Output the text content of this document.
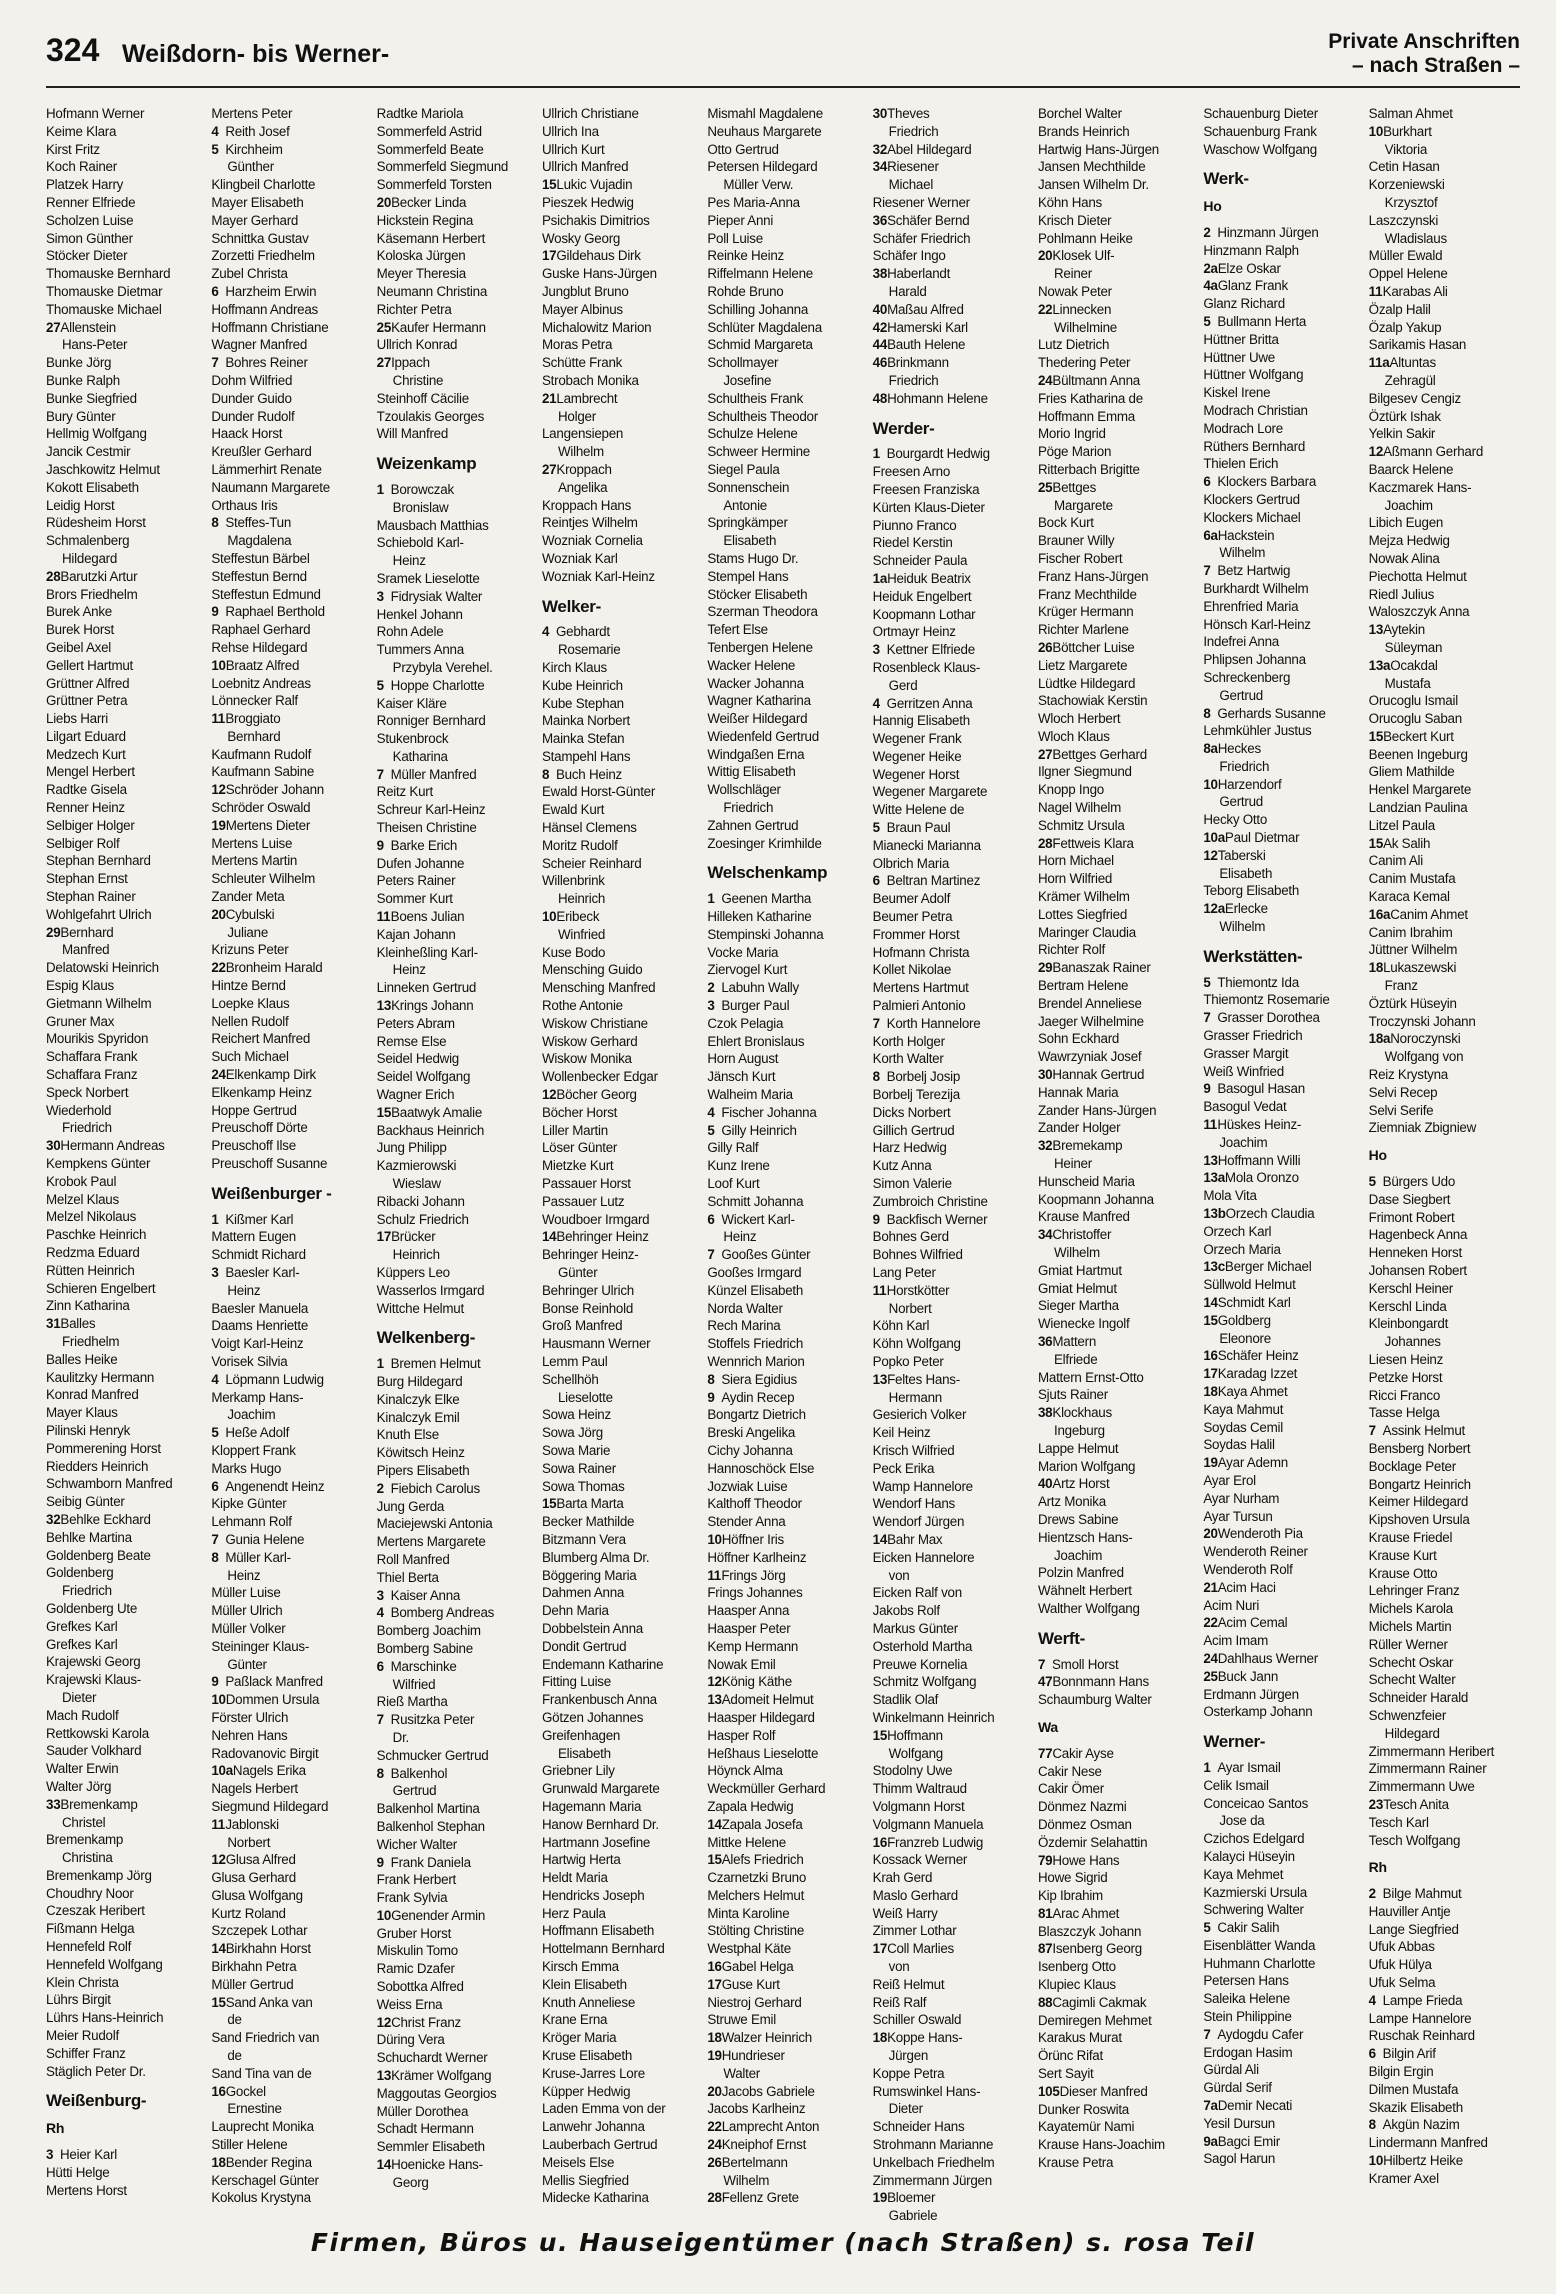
324 Weißdorn- bis Werner-	Private Anschriften
– nach Straßen –
Hofmann Werner
Keime Klara
Kirst Fritz
Koch Rainer
Platzek Harry
Renner Elfriede
Scholzen Luise
Simon Günther
Stöcker Dieter
Thomauske Bernhard
Thomauske Dietmar
Thomauske Michael
27Allenstein
Hans-Peter
Bunke Jörg
Bunke Ralph
Bunke Siegfried
Bury Günter
Hellmig Wolfgang
Jancik Cestmir
Jaschkowitz Helmut
Kokott Elisabeth
Leidig Horst
Rüdesheim Horst
Schmalenberg
Hildegard
28Barutzki Artur
Brors Friedhelm
Burek Anke
Burek Horst
Geibel Axel
Gellert Hartmut
Grüttner Alfred
Grüttner Petra
Liebs Harri
Lilgart Eduard
Medzech Kurt
Mengel Herbert
Radtke Gisela
Renner Heinz
Selbiger Holger
Selbiger Rolf
Stephan Bernhard
Stephan Ernst
Stephan Rainer
Wohlgefahrt Ulrich
29Bernhard
Manfred
Delatowski Heinrich
Espig Klaus
Gietmann Wilhelm
Gruner Max
Mourikis Spyridon
Schaffara Frank
Schaffara Franz
Speck Norbert
Wiederhold
Friedrich
30Hermann Andreas
Kempkens Günter
Krobok Paul
Melzel Klaus
Melzel Nikolaus
Paschke Heinrich
Redzma Eduard
Rütten Heinrich
Schieren Engelbert
Zinn Katharina
31Balles
Friedhelm
Balles Heike
Kaulitzky Hermann
Konrad Manfred
Mayer Klaus
Pilinski Henryk
Pommerening Horst
Riedders Heinrich
Schwamborn Manfred
Seibig Günter
32Behlke Eckhard
Behlke Martina
Goldenberg Beate
Goldenberg
Friedrich
Goldenberg Ute
Grefkes Karl
Grefkes Karl
Krajewski Georg
Krajewski Klaus-
Dieter
Mach Rudolf
Rettkowski Karola
Sauder Volkhard
Walter Erwin
Walter Jörg
33Bremenkamp
Christel
Bremenkamp
Christina
Bremenkamp Jörg
Choudhry Noor
Czeszak Heribert
Fißmann Helga
Hennefeld Rolf
Hennefeld Wolfgang
Klein Christa
Lührs Birgit
Lührs Hans-Heinrich
Meier Rudolf
Schiffer Franz
Stäglich Peter Dr.
Weißenburg-
Rh
3Heier Karl
Hütti Helge
Mertens Horst
Mertens Peter
4Reith Josef
5Kirchheim
Günther
Klingbeil Charlotte
Mayer Elisabeth
Mayer Gerhard
Schnittka Gustav
Zorzetti Friedhelm
Zubel Christa
6Harzheim Erwin
Hoffmann Andreas
Hoffmann Christiane
Wagner Manfred
7Bohres Reiner
Dohm Wilfried
Dunder Guido
Dunder Rudolf
Haack Horst
Kreußler Gerhard
Lämmerhirt Renate
Naumann Margarete
Orthaus Iris
8Steffes-Tun
Magdalena
Steffestun Bärbel
Steffestun Bernd
Steffestun Edmund
9Raphael Berthold
Raphael Gerhard
Rehse Hildegard
10Braatz Alfred
Loebnitz Andreas
Lönnecker Ralf
11Broggiato
Bernhard
Kaufmann Rudolf
Kaufmann Sabine
12Schröder Johann
Schröder Oswald
19Mertens Dieter
Mertens Luise
Mertens Martin
Schleuter Wilhelm
Zander Meta
20Cybulski
Juliane
Krizuns Peter
22Bronheim Harald
Hintze Bernd
Loepke Klaus
Nellen Rudolf
Reichert Manfred
Such Michael
24Elkenkamp Dirk
Elkenkamp Heinz
Hoppe Gertrud
Preuschoff Dörte
Preuschoff Ilse
Preuschoff Susanne
Weißenburger -
1Kißmer Karl
Mattern Eugen
Schmidt Richard
3Baesler Karl-
Heinz
Baesler Manuela
Daams Henriette
Voigt Karl-Heinz
Vorisek Silvia
4Löpmann Ludwig
Merkamp Hans-
Joachim
5Heße Adolf
Kloppert Frank
Marks Hugo
6Angenendt Heinz
Kipke Günter
Lehmann Rolf
7Gunia Helene
8Müller Karl-
Heinz
Müller Luise
Müller Ulrich
Müller Volker
Steininger Klaus-
Günter
9Paßlack Manfred
10Dommen Ursula
Förster Ulrich
Nehren Hans
Radovanovic Birgit
10aNagels Erika
Nagels Herbert
Siegmund Hildegard
11Jablonski
Norbert
12Glusa Alfred
Glusa Gerhard
Glusa Wolfgang
Kurtz Roland
Szczepek Lothar
14Birkhahn Horst
Birkhahn Petra
Müller Gertrud
15Sand Anka van
de
Sand Friedrich van
de
Sand Tina van de
16Gockel
Ernestine
Lauprecht Monika
Stiller Helene
18Bender Regina
Kerschagel Günter
Kokolus Krystyna
Radtke Mariola
Sommerfeld Astrid
Sommerfeld Beate
Sommerfeld Siegmund
Sommerfeld Torsten
20Becker Linda
Hickstein Regina
Käsemann Herbert
Koloska Jürgen
Meyer Theresia
Neumann Christina
Richter Petra
25Kaufer Hermann
Ullrich Konrad
27Ippach
Christine
Steinhoff Cäcilie
Tzoulakis Georges
Will Manfred
Weizenkamp
1Borowczak
Bronislaw
Mausbach Matthias
Schiebold Karl-
Heinz
Sramek Lieselotte
3Fidrysiak Walter
Henkel Johann
Rohn Adele
Tummers Anna
Przybyla Verehel.
5Hoppe Charlotte
Kaiser Kläre
Ronniger Bernhard
Stukenbrock
Katharina
7Müller Manfred
Reitz Kurt
Schreur Karl-Heinz
Theisen Christine
9Barke Erich
Dufen Johanne
Peters Rainer
Sommer Kurt
11Boens Julian
Kajan Johann
Kleinheßling Karl-
Heinz
Linneken Gertrud
13Krings Johann
Peters Abram
Remse Else
Seidel Hedwig
Seidel Wolfgang
Wagner Erich
15Baatwyk Amalie
Backhaus Heinrich
Jung Philipp
Kazmierowski
Wieslaw
Ribacki Johann
Schulz Friedrich
17Brücker
Heinrich
Küppers Leo
Wasserlos Irmgard
Wittche Helmut
Welkenberg-
1Bremen Helmut
Burg Hildegard
Kinalczyk Elke
Kinalczyk Emil
Knuth Else
Köwitsch Heinz
Pipers Elisabeth
2Fiebich Carolus
Jung Gerda
Maciejewski Antonia
Mertens Margarete
Roll Manfred
Thiel Berta
3Kaiser Anna
4Bomberg Andreas
Bomberg Joachim
Bomberg Sabine
6Marschinke
Wilfried
Rieß Martha
7Rusitzka Peter
Dr.
Schmucker Gertrud
8Balkenhol
Gertrud
Balkenhol Martina
Balkenhol Stephan
Wicher Walter
9Frank Daniela
Frank Herbert
Frank Sylvia
10Genender Armin
Gruber Horst
Miskulin Tomo
Ramic Dzafer
Sobottka Alfred
Weiss Erna
12Christ Franz
Düring Vera
Schuchardt Werner
13Krämer Wolfgang
Maggoutas Georgios
Müller Dorothea
Schadt Hermann
Semmler Elisabeth
14Hoenicke Hans-
Georg
Ullrich Christiane
Ullrich Ina
Ullrich Kurt
Ullrich Manfred
15Lukic Vujadin
Pieszek Hedwig
Psichakis Dimitrios
Wosky Georg
17Gildehaus Dirk
Guske Hans-Jürgen
Jungblut Bruno
Mayer Albinus
Michalowitz Marion
Moras Petra
Schütte Frank
Strobach Monika
21Lambrecht
Holger
Langensiepen
Wilhelm
27Kroppach
Angelika
Kroppach Hans
Reintjes Wilhelm
Wozniak Cornelia
Wozniak Karl
Wozniak Karl-Heinz
Welker-
4Gebhardt
Rosemarie
Kirch Klaus
Kube Heinrich
Kube Stephan
Mainka Norbert
Mainka Stefan
Stampehl Hans
8Buch Heinz
Ewald Horst-Günter
Ewald Kurt
Hänsel Clemens
Moritz Rudolf
Scheier Reinhard
Willenbrink
Heinrich
10Eribeck
Winfried
Kuse Bodo
Mensching Guido
Mensching Manfred
Rothe Antonie
Wiskow Christiane
Wiskow Gerhard
Wiskow Monika
Wollenbecker Edgar
12Böcher Georg
Böcher Horst
Liller Martin
Löser Günter
Mietzke Kurt
Passauer Horst
Passauer Lutz
Woudboer Irmgard
14Behringer Heinz
Behringer Heinz-
Günter
Behringer Ulrich
Bonse Reinhold
Groß Manfred
Hausmann Werner
Lemm Paul
Schellhöh
Lieselotte
Sowa Heinz
Sowa Jörg
Sowa Marie
Sowa Rainer
Sowa Thomas
15Barta Marta
Becker Mathilde
Bitzmann Vera
Blumberg Alma Dr.
Böggering Maria
Dahmen Anna
Dehn Maria
Dobbelstein Anna
Dondit Gertrud
Endemann Katharine
Fitting Luise
Frankenbusch Anna
Götzen Johannes
Greifenhagen
Elisabeth
Griebner Lily
Grunwald Margarete
Hagemann Maria
Hanow Bernhard Dr.
Hartmann Josefine
Hartwig Herta
Heldt Maria
Hendricks Joseph
Herz Paula
Hoffmann Elisabeth
Hottelmann Bernhard
Kirsch Emma
Klein Elisabeth
Knuth Anneliese
Krane Erna
Kröger Maria
Kruse Elisabeth
Kruse-Jarres Lore
Küpper Hedwig
Laden Emma von der
Lanwehr Johanna
Lauberbach Gertrud
Meisels Else
Mellis Siegfried
Midecke Katharina
Mismahl Magdalene
Neuhaus Margarete
Otto Gertrud
Petersen Hildegard
Müller Verw.
Pes Maria-Anna
Pieper Anni
Poll Luise
Reinke Heinz
Riffelmann Helene
Rohde Bruno
Schilling Johanna
Schlüter Magdalena
Schmid Margareta
Schollmayer
Josefine
Schultheis Frank
Schultheis Theodor
Schulze Helene
Schweer Hermine
Siegel Paula
Sonnenschein
Antonie
Springkämper
Elisabeth
Stams Hugo Dr.
Stempel Hans
Stöcker Elisabeth
Szerman Theodora
Tefert Else
Tenbergen Helene
Wacker Helene
Wacker Johanna
Wagner Katharina
Weißer Hildegard
Wiedenfeld Gertrud
Windgaßen Erna
Wittig Elisabeth
Wollschläger
Friedrich
Zahnen Gertrud
Zoesinger Krimhilde
Welschenkamp
1Geenen Martha
Hilleken Katharine
Stempinski Johanna
Vocke Maria
Ziervogel Kurt
2Labuhn Wally
3Burger Paul
Czok Pelagia
Ehlert Bronislaus
Horn August
Jänsch Kurt
Walheim Maria
4Fischer Johanna
5Gilly Heinrich
Gilly Ralf
Kunz Irene
Loof Kurt
Schmitt Johanna
6Wickert Karl-
Heinz
7Gooßes Günter
Gooßes Irmgard
Künzel Elisabeth
Norda Walter
Rech Marina
Stoffels Friedrich
Wennrich Marion
8Siera Egidius
9Aydin Recep
Bongartz Dietrich
Breski Angelika
Cichy Johanna
Hannoschöck Else
Jozwiak Luise
Kalthoff Theodor
Stender Anna
10Höffner Iris
Höffner Karlheinz
11Frings Jörg
Frings Johannes
Haasper Anna
Haasper Peter
Kemp Hermann
Nowak Emil
12König Käthe
13Adomeit Helmut
Haasper Hildegard
Hasper Rolf
Heßhaus Lieselotte
Höynck Alma
Weckmüller Gerhard
Zapala Hedwig
14Zapala Josefa
Mittke Helene
15Alefs Friedrich
Czarnetzki Bruno
Melchers Helmut
Minta Karoline
Stölting Christine
Westphal Käte
16Gabel Helga
17Guse Kurt
Niestroj Gerhard
Struwe Emil
18Walzer Heinrich
19Hundrieser
Walter
20Jacobs Gabriele
Jacobs Karlheinz
22Lamprecht Anton
24Kneiphof Ernst
26Bertelmann
Wilhelm
28Fellenz Grete
30Theves
Friedrich
32Abel Hildegard
34Riesener
Michael
Riesener Werner
36Schäfer Bernd
Schäfer Friedrich
Schäfer Ingo
38Haberlandt
Harald
40Maßau Alfred
42Hamerski Karl
44Bauth Helene
46Brinkmann
Friedrich
48Hohmann Helene
Werder-
1Bourgardt Hedwig
Freesen Arno
Freesen Franziska
Kürten Klaus-Dieter
Piunno Franco
Riedel Kerstin
Schneider Paula
1aHeiduk Beatrix
Heiduk Engelbert
Koopmann Lothar
Ortmayr Heinz
3Kettner Elfriede
Rosenbleck Klaus-
Gerd
4Gerritzen Anna
Hannig Elisabeth
Wegener Frank
Wegener Heike
Wegener Horst
Wegener Margarete
Witte Helene de
5Braun Paul
Mianecki Marianna
Olbrich Maria
6Beltran Martinez
Beumer Adolf
Beumer Petra
Frommer Horst
Hofmann Christa
Kollet Nikolae
Mertens Hartmut
Palmieri Antonio
7Korth Hannelore
Korth Holger
Korth Walter
8Borbelj Josip
Borbelj Terezija
Dicks Norbert
Gillich Gertrud
Harz Hedwig
Kutz Anna
Simon Valerie
Zumbroich Christine
9Backfisch Werner
Bohnes Gerd
Bohnes Wilfried
Lang Peter
11Horstkötter
Norbert
Köhn Karl
Köhn Wolfgang
Popko Peter
13Feltes Hans-
Hermann
Gesierich Volker
Keil Heinz
Krisch Wilfried
Peck Erika
Wamp Hannelore
Wendorf Hans
Wendorf Jürgen
14Bahr Max
Eicken Hannelore
von
Eicken Ralf von
Jakobs Rolf
Markus Günter
Osterhold Martha
Preuwe Kornelia
Schmitz Wolfgang
Stadlik Olaf
Winkelmann Heinrich
15Hoffmann
Wolfgang
Stodolny Uwe
Thimm Waltraud
Volgmann Horst
Volgmann Manuela
16Franzreb Ludwig
Kossack Werner
Krah Gerd
Maslo Gerhard
Weiß Harry
Zimmer Lothar
17Coll Marlies
von
Reiß Helmut
Reiß Ralf
Schiller Oswald
18Koppe Hans-
Jürgen
Koppe Petra
Rumswinkel Hans-
Dieter
Schneider Hans
Strohmann Marianne
Unkelbach Friedhelm
Zimmermann Jürgen
19Bloemer
Gabriele
Borchel Walter
Brands Heinrich
Hartwig Hans-Jürgen
Jansen Mechthilde
Jansen Wilhelm Dr.
Köhn Hans
Krisch Dieter
Pohlmann Heike
20Klosek Ulf-
Reiner
Nowak Peter
22Linnecken
Wilhelmine
Lutz Dietrich
Thedering Peter
24Bültmann Anna
Fries Katharina de
Hoffmann Emma
Morio Ingrid
Pöge Marion
Ritterbach Brigitte
25Bettges
Margarete
Bock Kurt
Brauner Willy
Fischer Robert
Franz Hans-Jürgen
Franz Mechthilde
Krüger Hermann
Richter Marlene
26Böttcher Luise
Lietz Margarete
Lüdtke Hildegard
Stachowiak Kerstin
Wloch Herbert
Wloch Klaus
27Bettges Gerhard
Ilgner Siegmund
Knopp Ingo
Nagel Wilhelm
Schmitz Ursula
28Fettweis Klara
Horn Michael
Horn Wilfried
Krämer Wilhelm
Lottes Siegfried
Maringer Claudia
Richter Rolf
29Banaszak Rainer
Bertram Helene
Brendel Anneliese
Jaeger Wilhelmine
Sohn Eckhard
Wawrzyniak Josef
30Hannak Gertrud
Hannak Maria
Zander Hans-Jürgen
Zander Holger
32Bremekamp
Heiner
Hunscheid Maria
Koopmann Johanna
Krause Manfred
34Christoffer
Wilhelm
Gmiat Hartmut
Gmiat Helmut
Sieger Martha
Wienecke Ingolf
36Mattern
Elfriede
Mattern Ernst-Otto
Sjuts Rainer
38Klockhaus
Ingeburg
Lappe Helmut
Marion Wolfgang
40Artz Horst
Artz Monika
Drews Sabine
Hientzsch Hans-
Joachim
Polzin Manfred
Wähnelt Herbert
Walther Wolfgang
Werft-
7Smoll Horst
47Bonnmann Hans
Schaumburg Walter
Wa
77Cakir Ayse
Cakir Nese
Cakir Ömer
Dönmez Nazmi
Dönmez Osman
Özdemir Selahattin
79Howe Hans
Howe Sigrid
Kip Ibrahim
81Arac Ahmet
Blaszczyk Johann
87Isenberg Georg
Isenberg Otto
Klupiec Klaus
88Cagimli Cakmak
Demiregen Mehmet
Karakus Murat
Örünc Rifat
Sert Sayit
105Dieser Manfred
Dunker Roswita
Kayatemür Nami
Krause Hans-Joachim
Krause Petra
Schauenburg Dieter
Schauenburg Frank
Waschow Wolfgang
Werk-
Ho
2Hinzmann Jürgen
Hinzmann Ralph
2aElze Oskar
4aGlanz Frank
Glanz Richard
5Bullmann Herta
Hüttner Britta
Hüttner Uwe
Hüttner Wolfgang
Kiskel Irene
Modrach Christian
Modrach Lore
Rüthers Bernhard
Thielen Erich
6Klockers Barbara
Klockers Gertrud
Klockers Michael
6aHackstein
Wilhelm
7Betz Hartwig
Burkhardt Wilhelm
Ehrenfried Maria
Hönsch Karl-Heinz
Indefrei Anna
Phlipsen Johanna
Schreckenberg
Gertrud
8Gerhards Susanne
Lehmkühler Justus
8aHeckes
Friedrich
10Harzendorf
Gertrud
Hecky Otto
10aPaul Dietmar
12Taberski
Elisabeth
Teborg Elisabeth
12aErlecke
Wilhelm
Werkstätten-
5Thiemontz Ida
Thiemontz Rosemarie
7Grasser Dorothea
Grasser Friedrich
Grasser Margit
Weiß Winfried
9Basogul Hasan
Basogul Vedat
11Hüskes Heinz-
Joachim
13Hoffmann Willi
13aMola Oronzo
Mola Vita
13bOrzech Claudia
Orzech Karl
Orzech Maria
13cBerger Michael
Süllwold Helmut
14Schmidt Karl
15Goldberg
Eleonore
16Schäfer Heinz
17Karadag Izzet
18Kaya Ahmet
Kaya Mahmut
Soydas Cemil
Soydas Halil
19Ayar Ademn
Ayar Erol
Ayar Nurham
Ayar Tursun
20Wenderoth Pia
Wenderoth Reiner
Wenderoth Rolf
21Acim Haci
Acim Nuri
22Acim Cemal
Acim Imam
24Dahlhaus Werner
25Buck Jann
Erdmann Jürgen
Osterkamp Johann
Werner-
1Ayar Ismail
Celik Ismail
Conceicao Santos
Jose da
Czichos Edelgard
Kalayci Hüseyin
Kaya Mehmet
Kazmierski Ursula
Schwering Walter
5Cakir Salih
Eisenblätter Wanda
Huhmann Charlotte
Petersen Hans
Saleika Helene
Stein Philippine
7Aydogdu Cafer
Erdogan Hasim
Gürdal Ali
Gürdal Serif
7aDemir Necati
Yesil Dursun
9aBagci Emir
Sagol Harun
Salman Ahmet
10Burkhart
Viktoria
Cetin Hasan
Korzeniewski
Krzysztof
Laszczynski
Wladislaus
Müller Ewald
Oppel Helene
11Karabas Ali
Özalp Halil
Özalp Yakup
Sarikamis Hasan
11aAltuntas
Zehragül
Bilgesev Cengiz
Öztürk Ishak
Yelkin Sakir
12Aßmann Gerhard
Baarck Helene
Kaczmarek Hans-
Joachim
Libich Eugen
Mejza Hedwig
Nowak Alina
Piechotta Helmut
Riedl Julius
Waloszczyk Anna
13Aytekin
Süleyman
13aOcakdal
Mustafa
Orucoglu Ismail
Orucoglu Saban
15Beckert Kurt
Beenen Ingeburg
Gliem Mathilde
Henkel Margarete
Landzian Paulina
Litzel Paula
15Ak Salih
Canim Ali
Canim Mustafa
Karaca Kemal
16aCanim Ahmet
Canim Ibrahim
Jüttner Wilhelm
18Lukaszewski
Franz
Öztürk Hüseyin
Troczynski Johann
18aNoroczynski
Wolfgang von
Reiz Krystyna
Selvi Recep
Selvi Serife
Ziemniak Zbigniew
Ho
5Bürgers Udo
Dase Siegbert
Frimont Robert
Hagenbeck Anna
Henneken Horst
Johansen Robert
Kerschl Heiner
Kerschl Linda
Kleinbongardt
Johannes
Liesen Heinz
Petzke Horst
Ricci Franco
Tasse Helga
7Assink Helmut
Bensberg Norbert
Bocklage Peter
Bongartz Heinrich
Keimer Hildegard
Kipshoven Ursula
Krause Friedel
Krause Kurt
Krause Otto
Lehringer Franz
Michels Karola
Michels Martin
Rüller Werner
Schecht Oskar
Schecht Walter
Schneider Harald
Schwenzfeier
Hildegard
Zimmermann Heribert
Zimmermann Rainer
Zimmermann Uwe
23Tesch Anita
Tesch Karl
Tesch Wolfgang
Rh
2Bilge Mahmut
Hauviller Antje
Lange Siegfried
Ufuk Abbas
Ufuk Hülya
Ufuk Selma
4Lampe Frieda
Lampe Hannelore
Ruschak Reinhard
6Bilgin Arif
Bilgin Ergin
Dilmen Mustafa
Skazik Elisabeth
8Akgün Nazim
Lindermann Manfred
10Hilbertz Heike
Kramer Axel
Firmen, Büros u. Hauseigentümer (nach Straßen) s. rosa Teil
